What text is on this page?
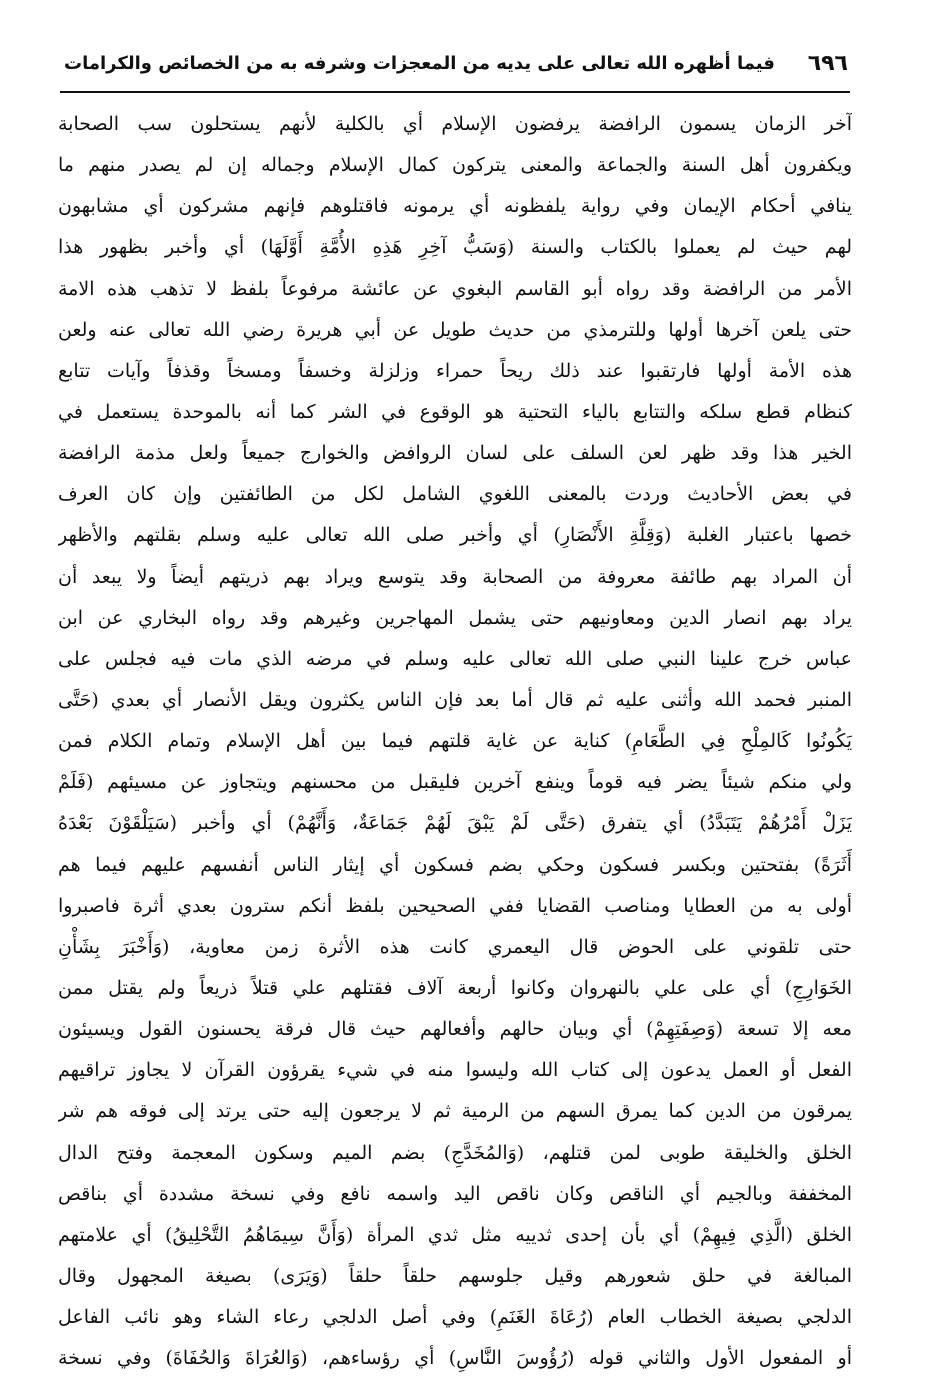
٦٩٦
فيما أظهره الله تعالى على يديه من المعجزات وشرفه به من الخصائص والكرامات
آخر الزمان يسمون الرافضة يرفضون الإسلام أي بالكلية لأنهم يستحلون سب الصحابة
ويكفرون أهل السنة والجماعة والمعنى يتركون كمال الإسلام وجماله إن لم يصدر منهم ما
ينافي أحكام الإيمان وفي رواية يلفظونه أي يرمونه فاقتلوهم فإنهم مشركون أي مشابهون
لهم حيث لم يعملوا بالكتاب والسنة (وَسَبُّ آخِرِ هَذِهِ الأُمَّةِ أَوَّلَهَا) أي وأخبر بظهور هذا
الأمر من الرافضة وقد رواه أبو القاسم البغوي عن عائشة مرفوعاً بلفظ لا تذهب هذه الامة
حتى يلعن آخرها أولها وللترمذي من حديث طويل عن أبي هريرة رضي الله تعالى عنه ولعن
هذه الأمة أولها فارتقبوا عند ذلك ريحاً حمراء وزلزلة وخسفاً ومسخاً وقذفاً وآيات تتابع
كنظام قطع سلكه والتتابع بالياء التحتية هو الوقوع في الشر كما أنه بالموحدة يستعمل في
الخير هذا وقد ظهر لعن السلف على لسان الروافض والخوارج جميعاً ولعل مذمة الرافضة
في بعض الأحاديث وردت بالمعنى اللغوي الشامل لكل من الطائفتين وإن كان العرف
خصها باعتبار الغلبة (وَقِلَّةِ الأَنْصَارِ) أي وأخبر صلى الله تعالى عليه وسلم بقلتهم والأظهر
أن المراد بهم طائفة معروفة من الصحابة وقد يتوسع ويراد بهم ذريتهم أيضاً ولا يبعد أن
يراد بهم انصار الدين ومعاونيهم حتى يشمل المهاجرين وغيرهم وقد رواه البخاري عن ابن
عباس خرج علينا النبي صلى الله تعالى عليه وسلم في مرضه الذي مات فيه فجلس على
المنبر فحمد الله وأثنى عليه ثم قال أما بعد فإن الناس يكثرون ويقل الأنصار أي بعدي (حَتَّى
يَكُونُوا كَالمِلْحِ فِي الطَّعَامِ) كناية عن غاية قلتهم فيما بين أهل الإسلام وتمام الكلام فمن
ولي منكم شيئاً يضر فيه قوماً وينفع آخرين فليقبل من محسنهم ويتجاوز عن مسيئهم (فَلَمْ
يَزَلْ أَمْرُهُمْ يَتَبَدَّدُ) أي يتفرق (حَتَّى لَمْ يَبْقَ لَهُمْ جَمَاعَةٌ، وَأَنَّهُمْ) أي وأخبر (سَيَلْقَوْنَ بَعْدَهُ
أَثَرَةً) بفتحتين وبكسر فسكون وحكي بضم فسكون أي إيثار الناس أنفسهم عليهم فيما هم
أولى به من العطايا ومناصب القضايا ففي الصحيحين بلفظ أنكم سترون بعدي أثرة فاصبروا
حتى تلقوني على الحوض قال اليعمري كانت هذه الأثرة زمن معاوية، (وَأَخْبَرَ بِشَأْنِ
الخَوَارِجِ) أي على علي بالنهروان وكانوا أربعة آلاف فقتلهم علي قتلاً ذريعاً ولم يقتل ممن
معه إلا تسعة (وَصِفَتِهِمْ) أي وبيان حالهم وأفعالهم حيث قال فرقة يحسنون القول ويسيئون
الفعل أو العمل يدعون إلى كتاب الله وليسوا منه في شيء يقرؤون القرآن لا يجاوز تراقيهم
يمرقون من الدين كما يمرق السهم من الرمية ثم لا يرجعون إليه حتى يرتد إلى فوقه هم شر
الخلق والخليقة طوبى لمن قتلهم، (وَالمُخَدَّجِ) بضم الميم وسكون المعجمة وفتح الدال
المخففة وبالجيم أي الناقص وكان ناقص اليد واسمه نافع وفي نسخة مشددة أي بناقص
الخلق (الَّذِي فِيهِمْ) أي بأن إحدى ثدييه مثل ثدي المرأة (وَأَنَّ سِيمَاهُمُ التَّحْلِيقُ) أي علامتهم
المبالغة في حلق شعورهم وقيل جلوسهم حلقاً حلقاً (وَيَرَى) بصيغة المجهول وقال
الدلجي بصيغة الخطاب العام (رُعَاةَ الغَنَمِ) وفي أصل الدلجي رعاء الشاء وهو نائب الفاعل
أو المفعول الأول والثاني قوله (رُؤُوسَ النَّاسِ) أي رؤساءهم، (وَالعُرَاةَ وَالحُفَاةَ) وفي نسخة
